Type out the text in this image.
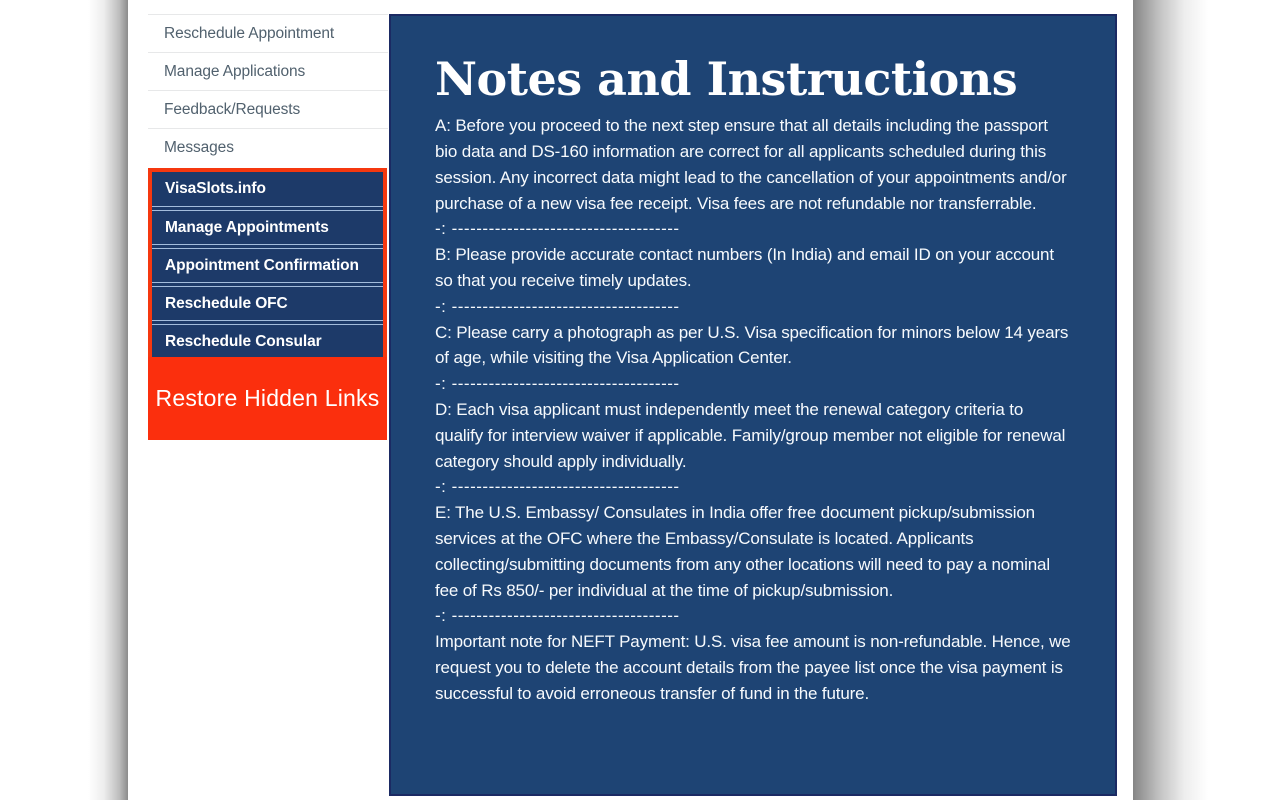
Reschedule Appointment
Manage Applications
Feedback/Requests
Messages
VisaSlots.info
Manage Appointments
Appointment Confirmation
Reschedule OFC
Reschedule Consular
Restore Hidden Links
Notes and Instructions

A: Before you proceed to the next step ensure that all details including the passport bio data and DS-160 information are correct for all applicants scheduled during this session. Any incorrect data might lead to the cancellation of your appointments and/or purchase of a new visa fee receipt. Visa fees are not refundable nor transferrable.

-: -------------------------------------

B: Please provide accurate contact numbers (In India) and email ID on your account so that you receive timely updates.

-: -------------------------------------

C: Please carry a photograph as per U.S. Visa specification for minors below 14 years of age, while visiting the Visa Application Center.

-: -------------------------------------

D: Each visa applicant must independently meet the renewal category criteria to qualify for interview waiver if applicable. Family/group member not eligible for renewal category should apply individually.

-: -------------------------------------

E: The U.S. Embassy/ Consulates in India offer free document pickup/submission services at the OFC where the Embassy/Consulate is located. Applicants collecting/submitting documents from any other locations will need to pay a nominal fee of Rs 850/- per individual at the time of pickup/submission.

-: -------------------------------------

Important note for NEFT Payment: U.S. visa fee amount is non-refundable. Hence, we request you to delete the account details from the payee list once the visa payment is successful to avoid erroneous transfer of fund in the future.
